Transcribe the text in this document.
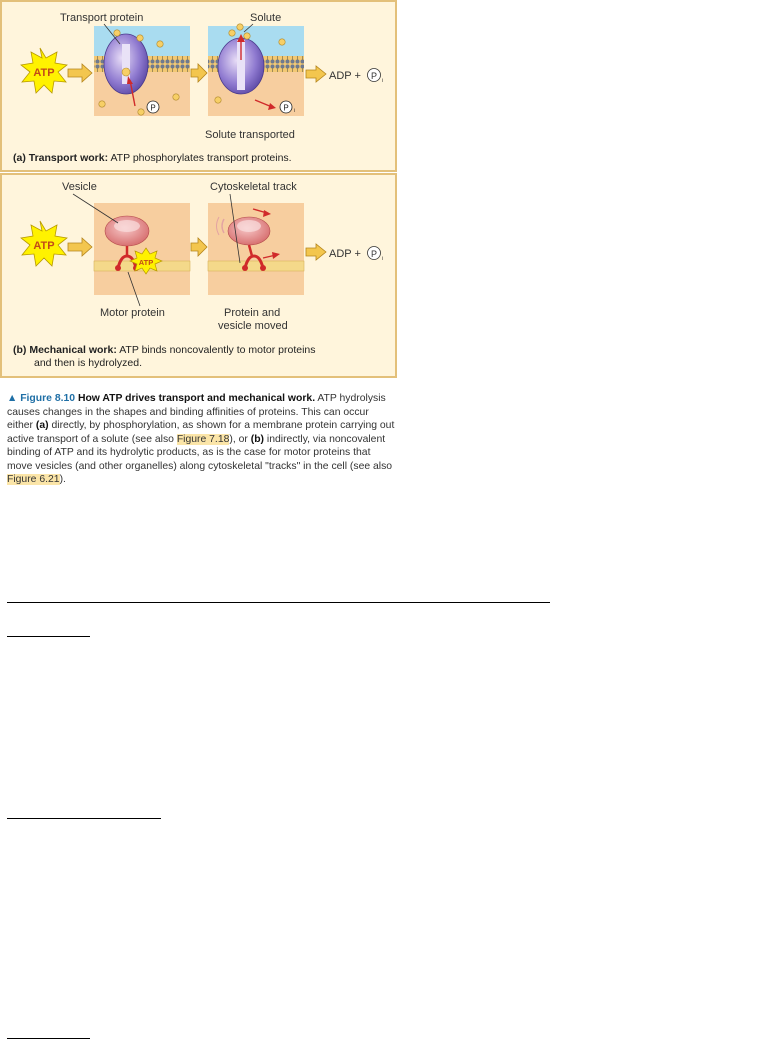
P	P i
ATP	ADP + P i
Transport protein	Solute
Solute transported
(a) Transport work: ATP phosphorylates transport proteins.
ATP
ATP
ADP + P i
Vesicle	Cytoskeletal track
Motor protein	Protein and
vesicle moved
(b) Mechanical work: ATP binds noncovalently to motor proteins
and then is hydrolyzed.
▲ Figure 8.10 How ATP drives transport and mechanical work. ATP hydrolysis causes changes in the shapes and binding affinities of proteins. This can occur either (a) directly, by phosphorylation, as shown for a membrane protein carrying out active transport of a solute (see also Figure 7.18), or (b) indirectly, via noncovalent binding of ATP and its hydrolytic products, as is the case for motor proteins that move vesicles (and other organelles) along cytoskeletal "tracks" in the cell (see also Figure 6.21).
